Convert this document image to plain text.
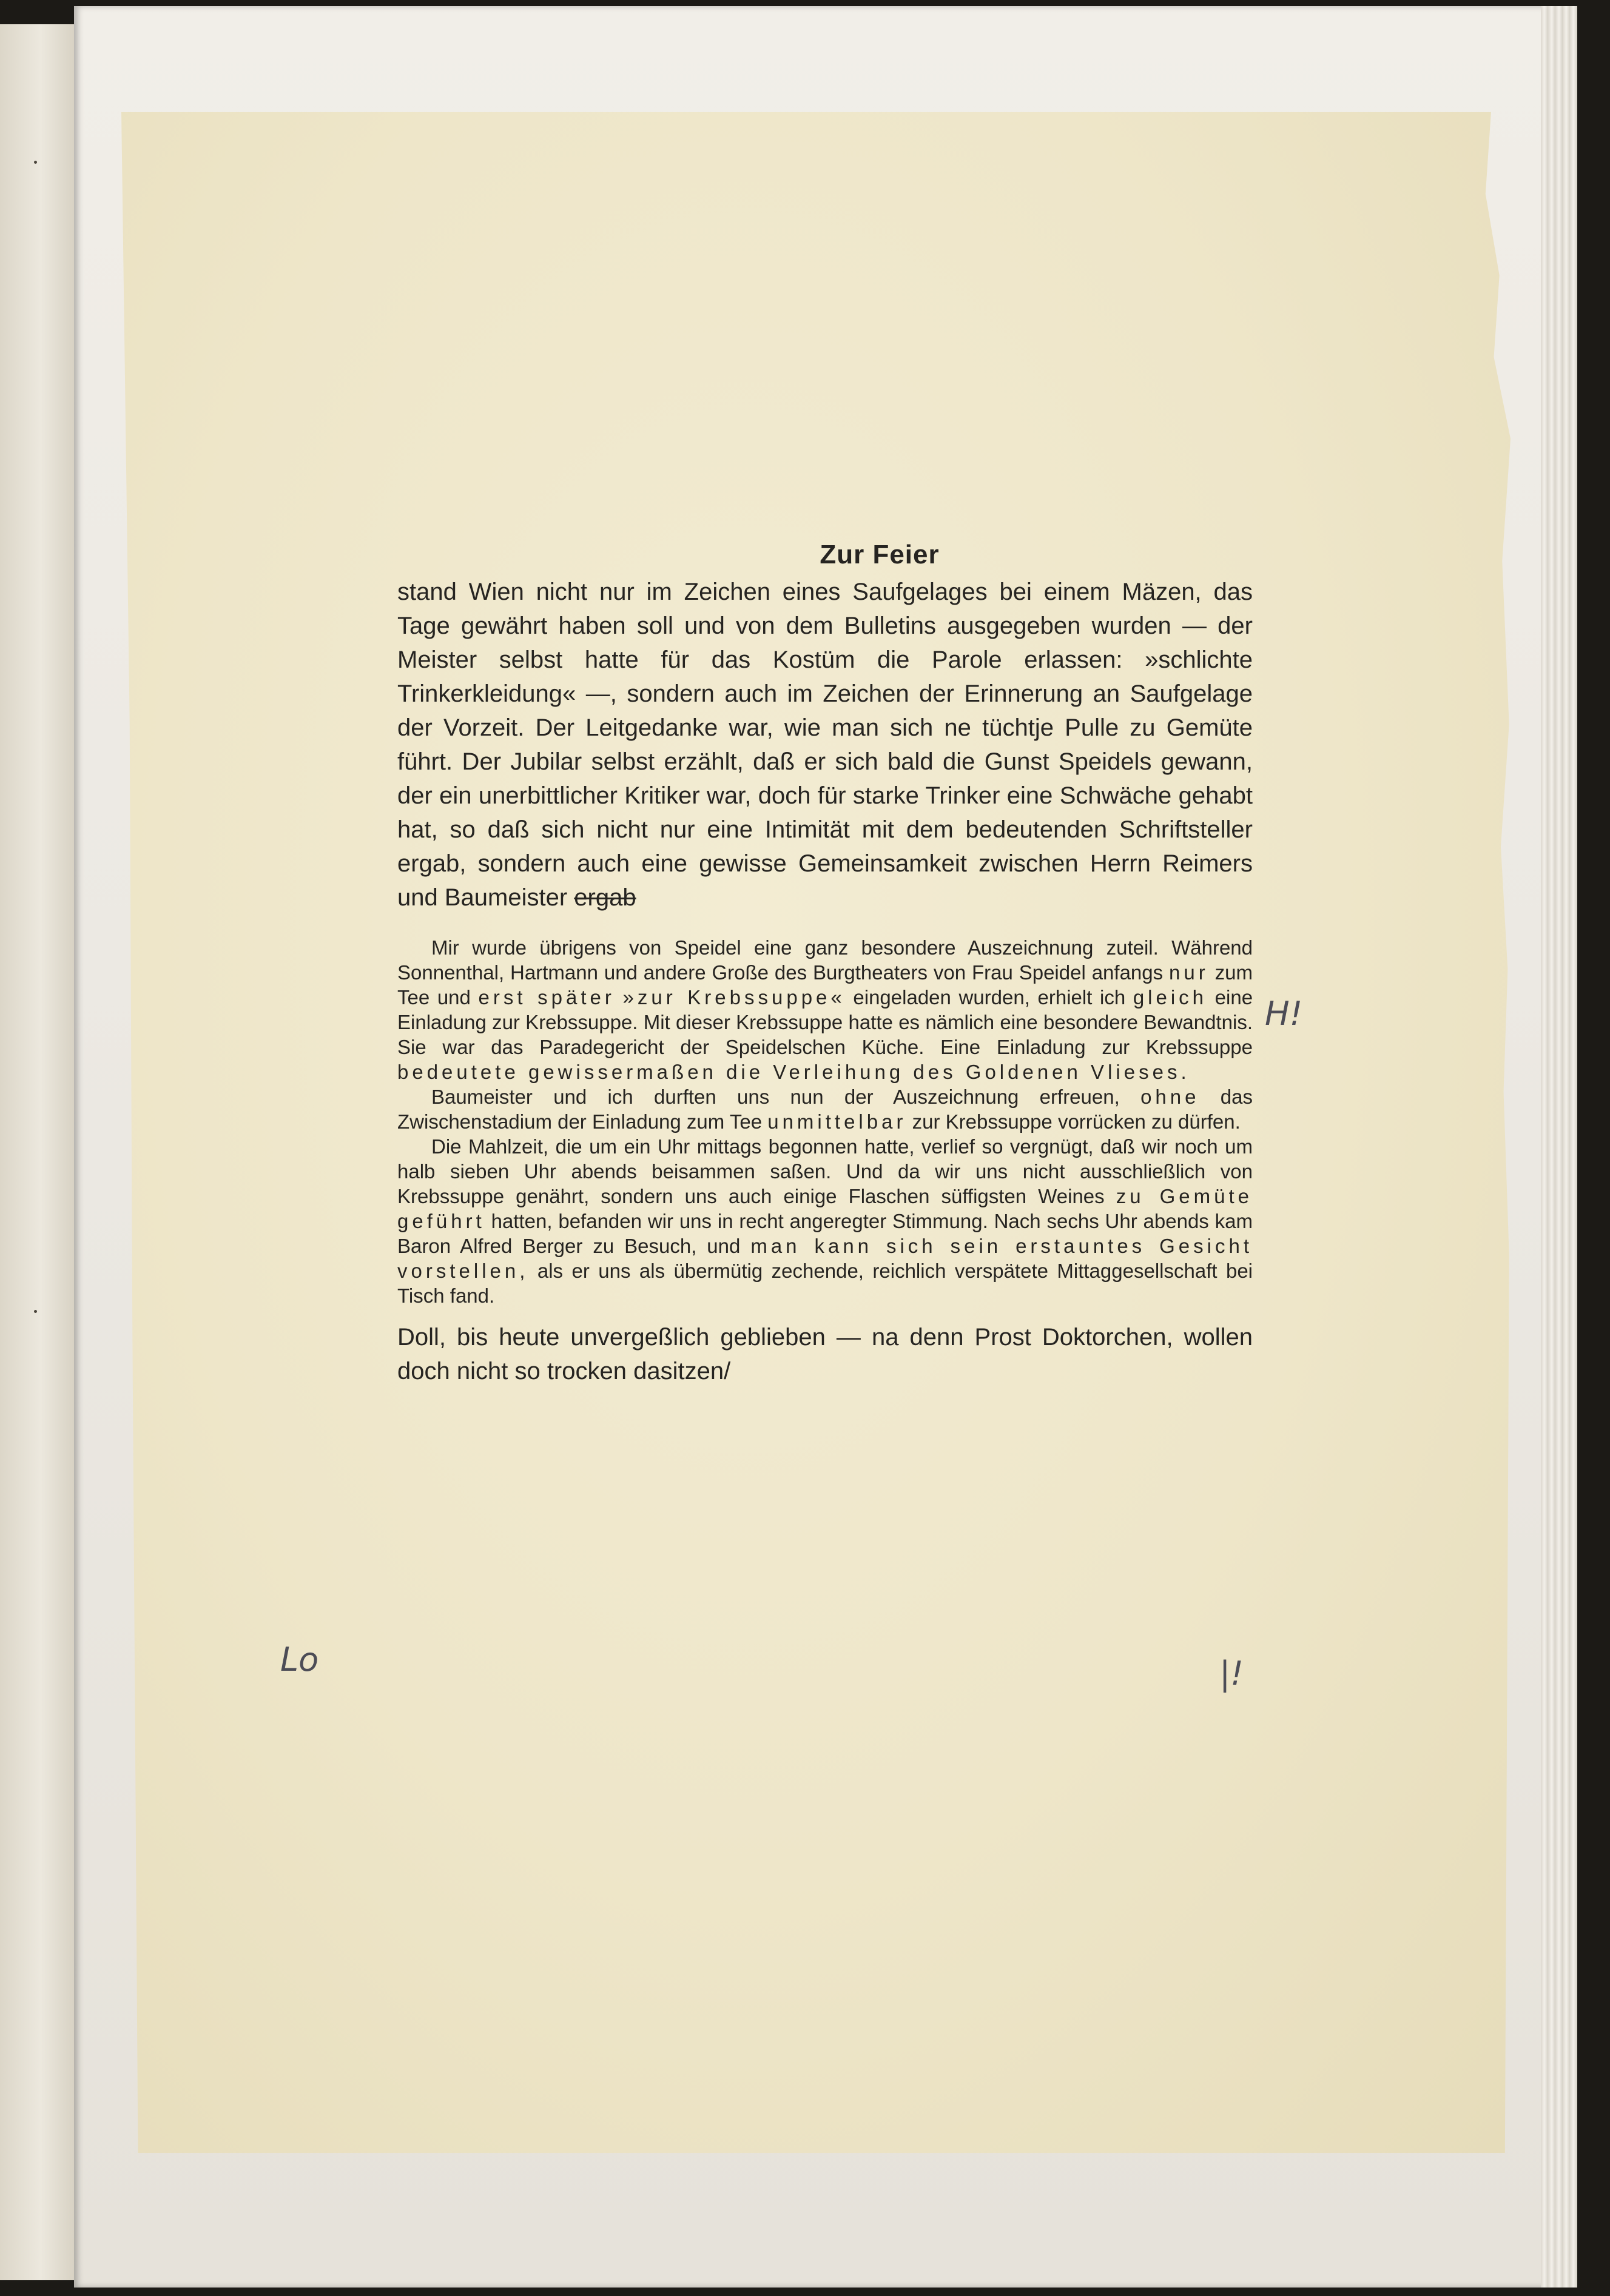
Zur Feier

stand Wien nicht nur im Zeichen eines Saufgelages bei einem Mäzen, das Tage gewährt haben soll und von dem Bulletins ausgegeben wurden — der Meister selbst hatte für das Kostüm die Parole erlassen: »schlichte Trinkerkleidung« —, sondern auch im Zeichen der Erinnerung an Saufgelage der Vorzeit. Der Leitgedanke war, wie man sich ne tüchtje Pulle zu Gemüte führt. Der Jubilar selbst erzählt, daß er sich bald die Gunst Speidels gewann, der ein unerbittlicher Kritiker war, doch für starke Trinker eine Schwäche gehabt hat, so daß sich nicht nur eine Intimität mit dem bedeutenden Schriftsteller ergab, sondern auch eine gewisse Gemeinsamkeit zwischen Herrn Reimers und Baumeister ergab

Mir wurde übrigens von Speidel eine ganz besondere Auszeichnung zuteil. Während Sonnenthal, Hartmann und andere Große des Burgtheaters von Frau Speidel anfangs nur zum Tee und erst später »zur Krebssuppe« eingeladen wurden, erhielt ich gleich eine Einladung zur Krebssuppe. Mit dieser Krebssuppe hatte es nämlich eine besondere Bewandtnis. Sie war das Paradegericht der Speidelschen Küche. Eine Einladung zur Krebssuppe bedeutete gewissermaßen die Verleihung des Goldenen Vlieses.

Baumeister und ich durften uns nun der Auszeichnung erfreuen, ohne das Zwischenstadium der Einladung zum Tee unmittelbar zur Krebssuppe vorrücken zu dürfen.

Die Mahlzeit, die um ein Uhr mittags begonnen hatte, verlief so vergnügt, daß wir noch um halb sieben Uhr abends beisammen saßen. Und da wir uns nicht ausschließlich von Krebssuppe genährt, sondern uns auch einige Flaschen süffigsten Weines zu Gemüte geführt hatten, befanden wir uns in recht angeregter Stimmung. Nach sechs Uhr abends kam Baron Alfred Berger zu Besuch, und man kann sich sein erstauntes Gesicht vorstellen, als er uns als übermütig zechende, reichlich verspätete Mittaggesellschaft bei Tisch fand.

Doll, bis heute unvergeßlich geblieben — na denn Prost Doktorchen, wollen doch nicht so trocken dasitzen/

H!
Lo	|!
